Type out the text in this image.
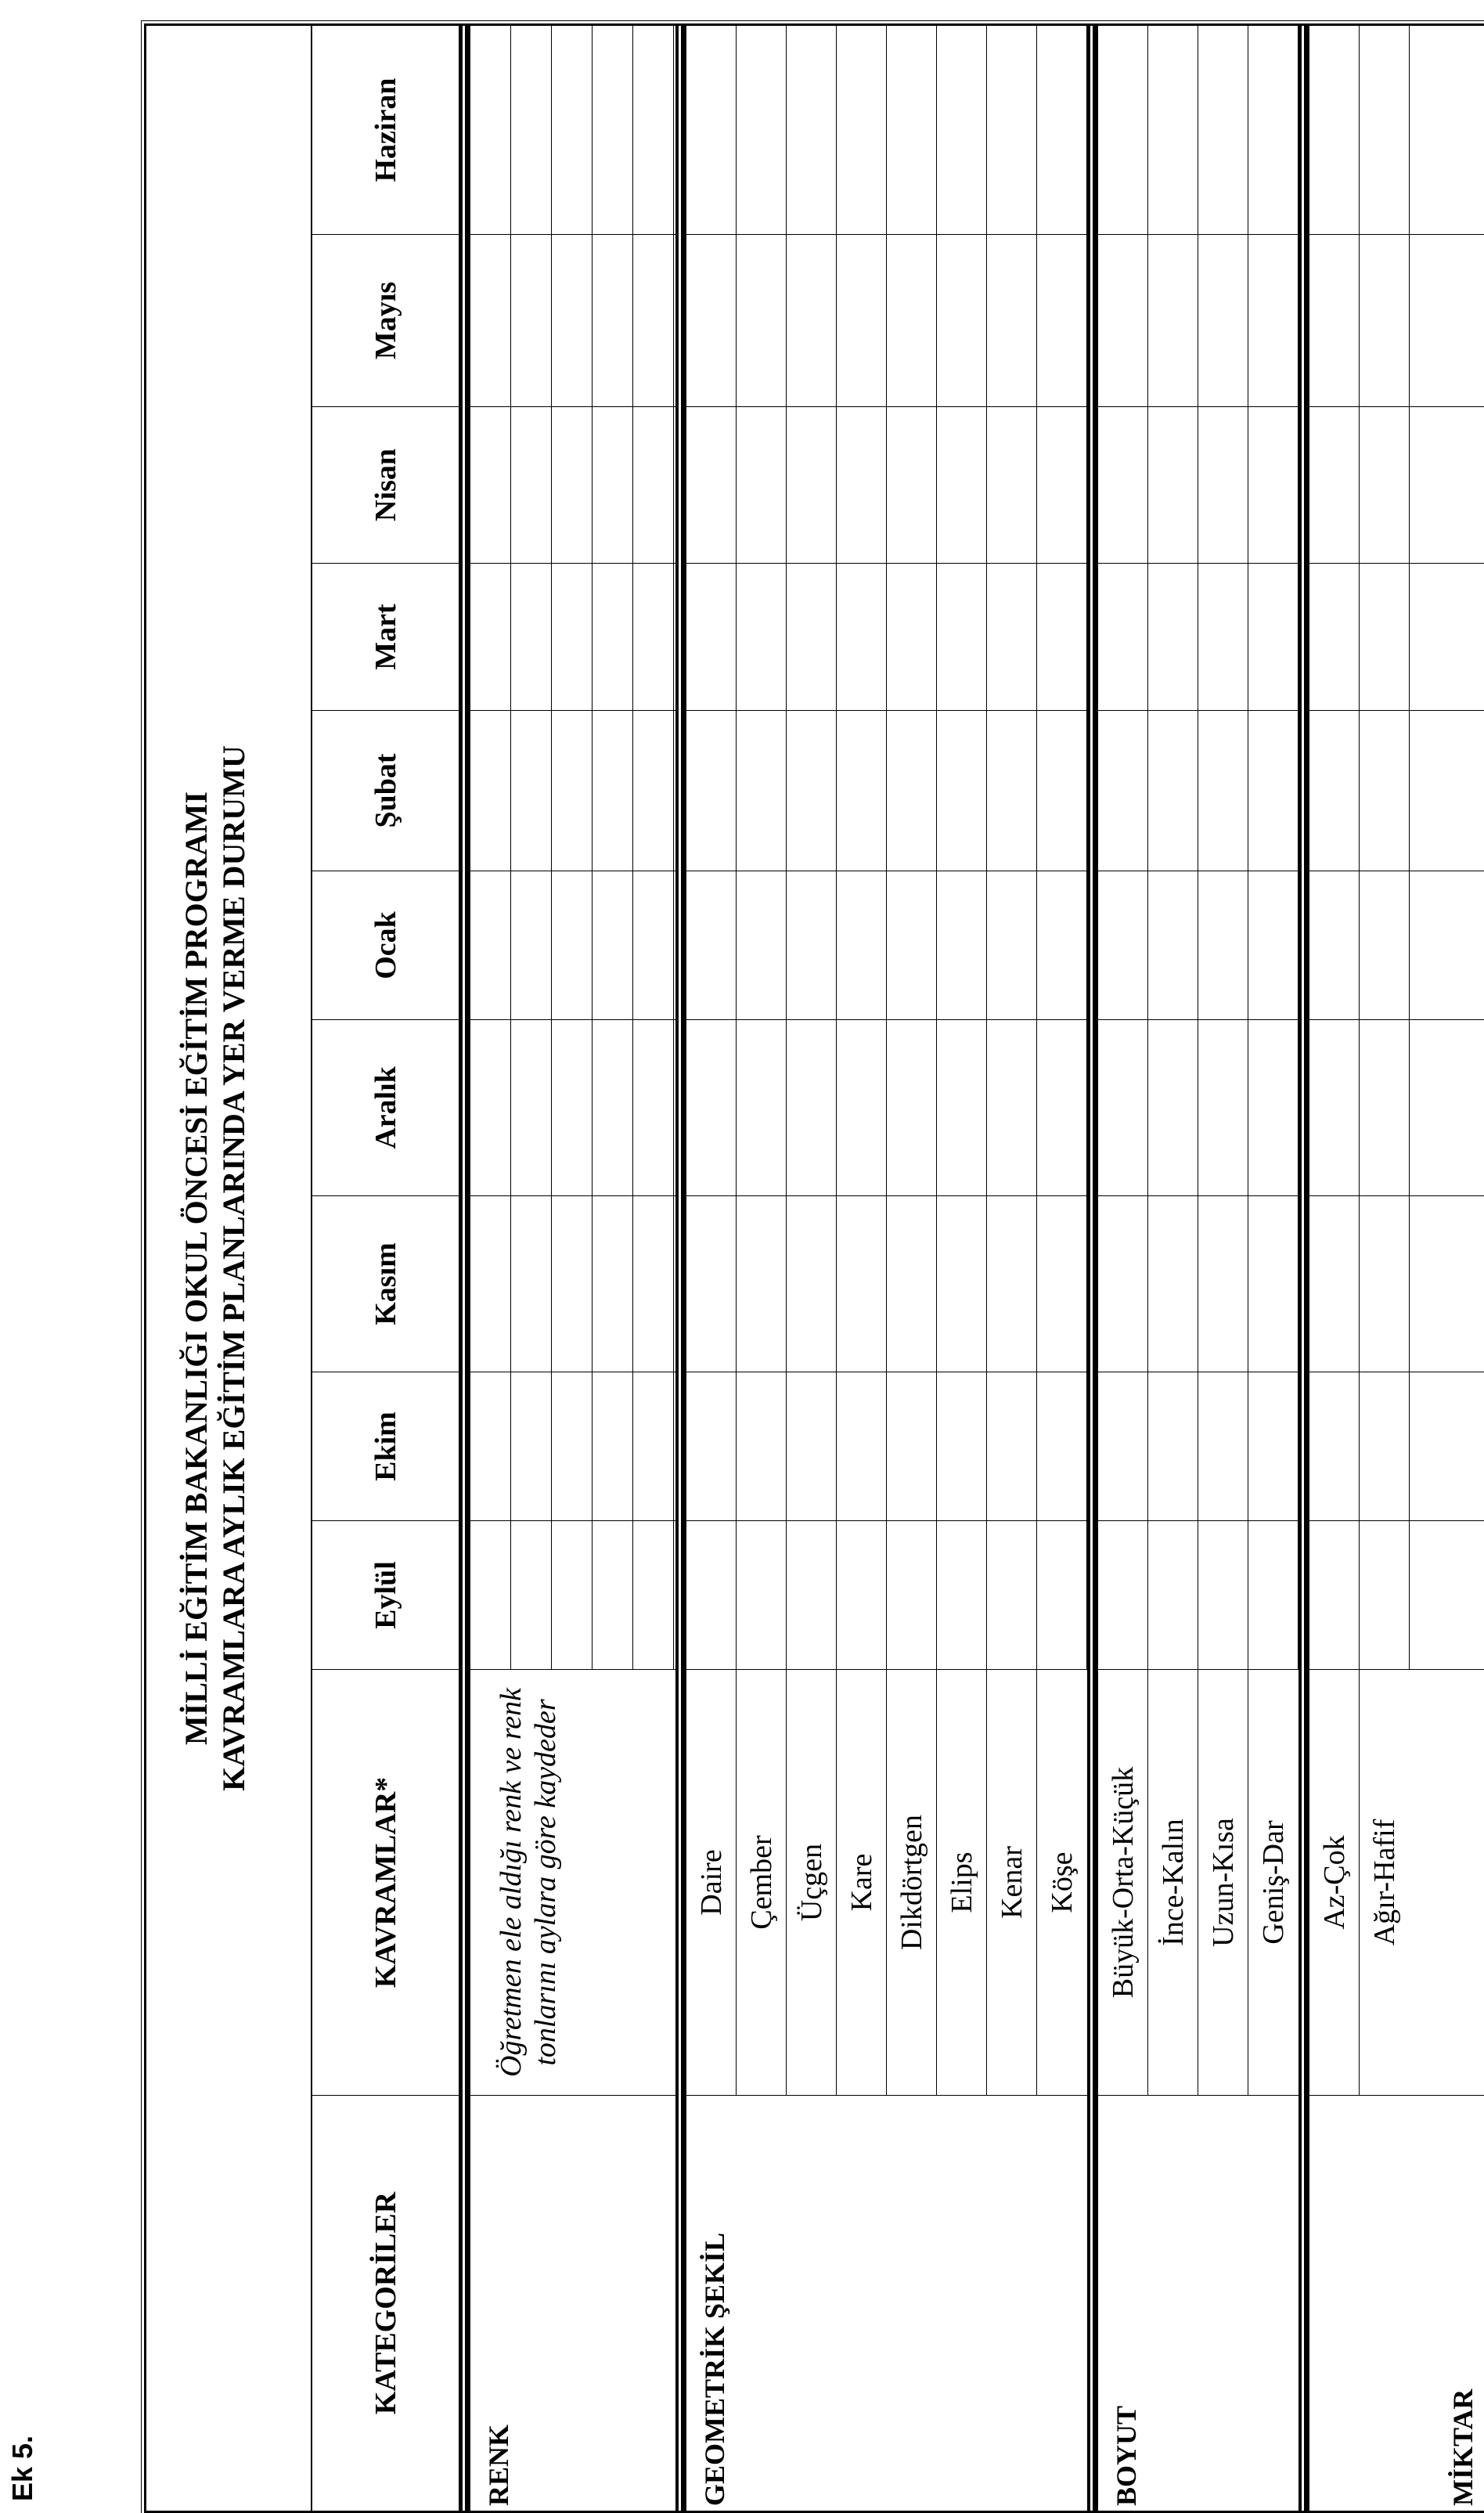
Ek 5.
MİLLİ EĞİTİM BAKANLIĞI OKUL ÖNCESİ EĞİTİM PROGRAMI KAVRAMLARA AYLIK EĞİTİM PLANLARINDA YER VERME DURUMU
KATEGORİLER
KAVRAMLAR*
Eylül
Ekim
Kasım
Aralık
Ocak
Şubat
Mart
Nisan
Mayıs
Haziran
RENK
Öğretmen ele aldığı renk ve renk tonlarını aylara göre kaydeder
GEOMETRİK ŞEKİL
Daire Çember Üçgen Kare Dikdörtgen Elips Kenar Köşe
BOYUT
Büyük-Orta-Küçük İnce-Kalın Uzun-Kısa Geniş-Dar
MİKTAR
Az-Çok Ağır-Hafif
